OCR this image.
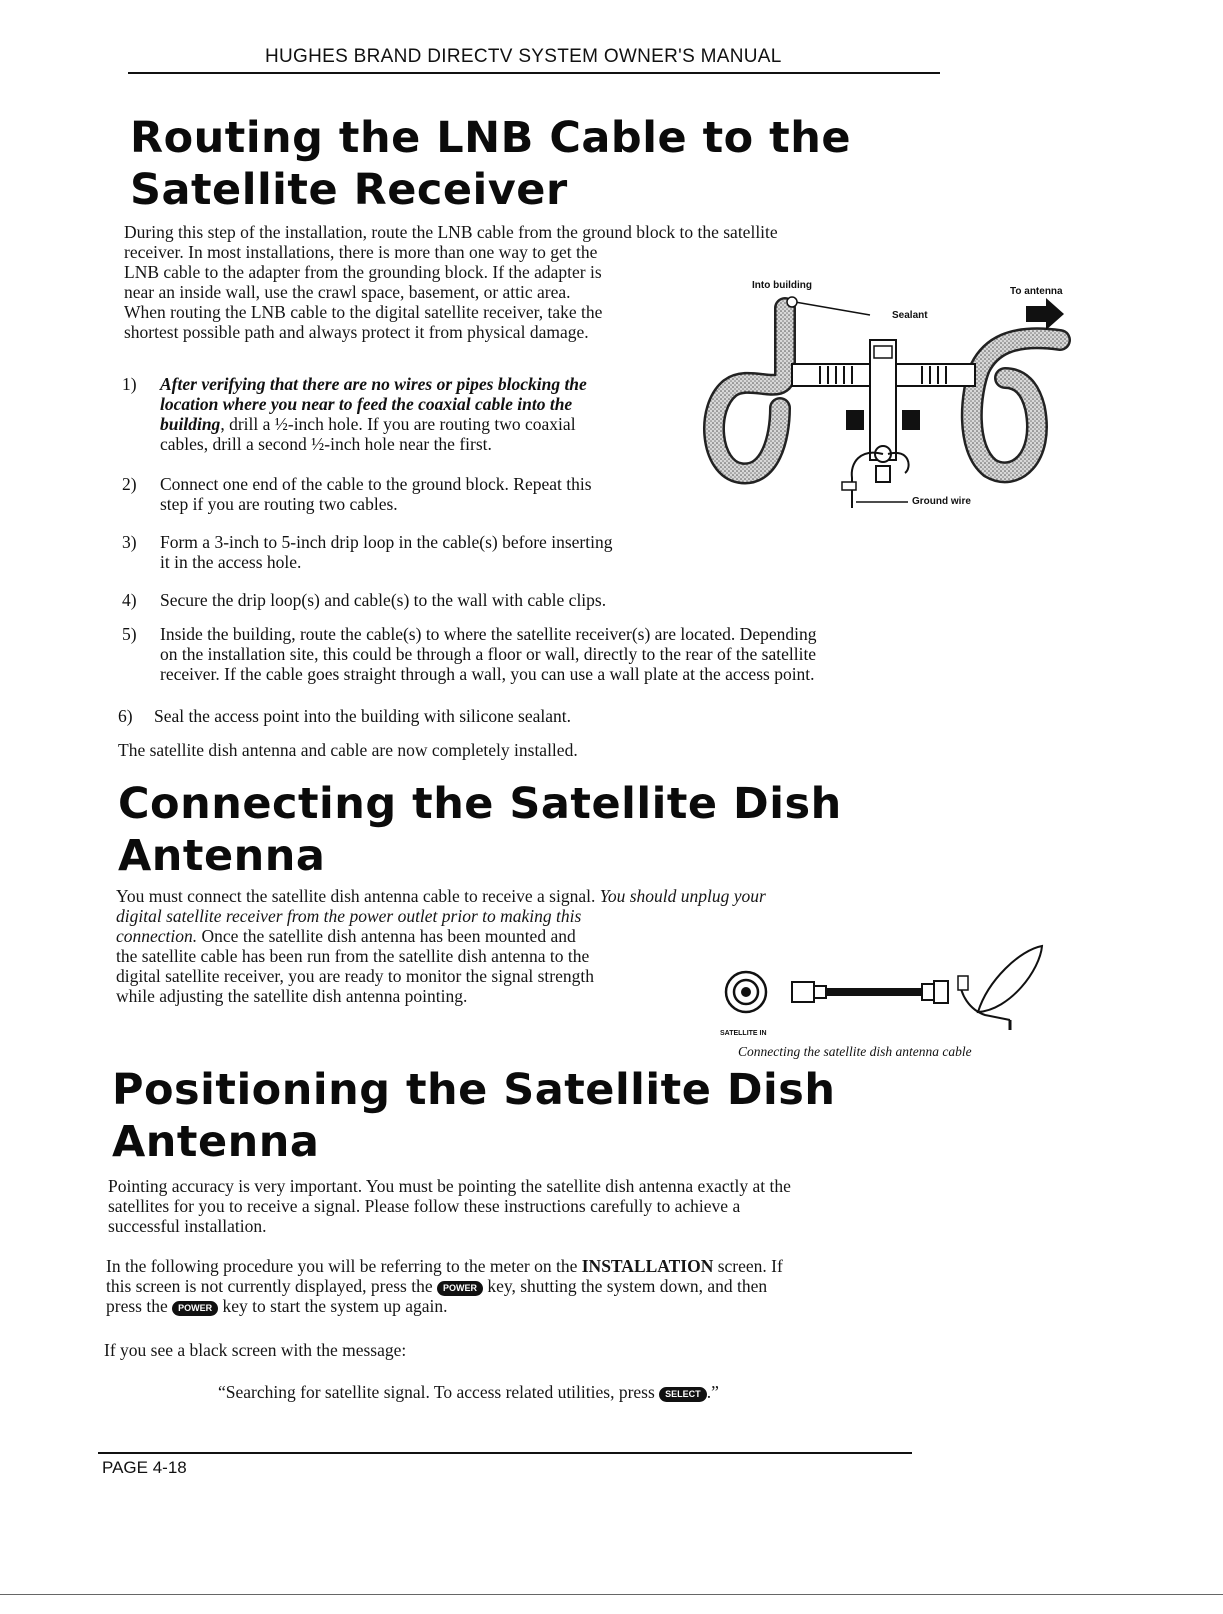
HUGHES BRAND DIRECTV SYSTEM OWNER'S MANUAL
Routing the LNB Cable to the
Satellite Receiver

During this step of the installation, route the LNB cable from the ground block to the satellite

receiver. In most installations, there is more than one way to get the

LNB cable to the adapter from the grounding block. If the adapter is

near an inside wall, use the crawl space, basement, or attic area.

When routing the LNB cable to the digital satellite receiver, take the

shortest possible path and always protect it from physical damage.

1) After verifying that there are no wires or pipes blocking the
location where you near to feed the coaxial cable into the
building, drill a ½-inch hole. If you are routing two coaxial
cables, drill a second ½-inch hole near the first.
2) Connect one end of the cable to the ground block. Repeat this
step if you are routing two cables.
3) Form a 3-inch to 5-inch drip loop in the cable(s) before inserting
it in the access hole.
4) Secure the drip loop(s) and cable(s) to the wall with cable clips.
5) Inside the building, route the cable(s) to where the satellite receiver(s) are located. Depending
on the installation site, this could be through a floor or wall, directly to the rear of the satellite
receiver. If the cable goes straight through a wall, you can use a wall plate at the access point.
6) Seal the access point into the building with silicone sealant.
The satellite dish antenna and cable are now completely installed.
Into building
Sealant
To antenna
Ground wire
Connecting the Satellite Dish
Antenna

You must connect the satellite dish antenna cable to receive a signal. You should unplug your

digital satellite receiver from the power outlet prior to making this

connection. Once the satellite dish antenna has been mounted and

the satellite cable has been run from the satellite dish antenna to the

digital satellite receiver, you are ready to monitor the signal strength

while adjusting the satellite dish antenna pointing.

SATELLITE IN
Connecting the satellite dish antenna cable
Positioning the Satellite Dish
Antenna

Pointing accuracy is very important. You must be pointing the satellite dish antenna exactly at the

satellites for you to receive a signal. Please follow these instructions carefully to achieve a

successful installation.

In the following procedure you will be referring to the meter on the INSTALLATION screen. If

this screen is not currently displayed, press the POWER key, shutting the system down, and then

press the POWER key to start the system up again.

If you see a black screen with the message:
“Searching for satellite signal. To access related utilities, press SELECT .”
PAGE 4-18
